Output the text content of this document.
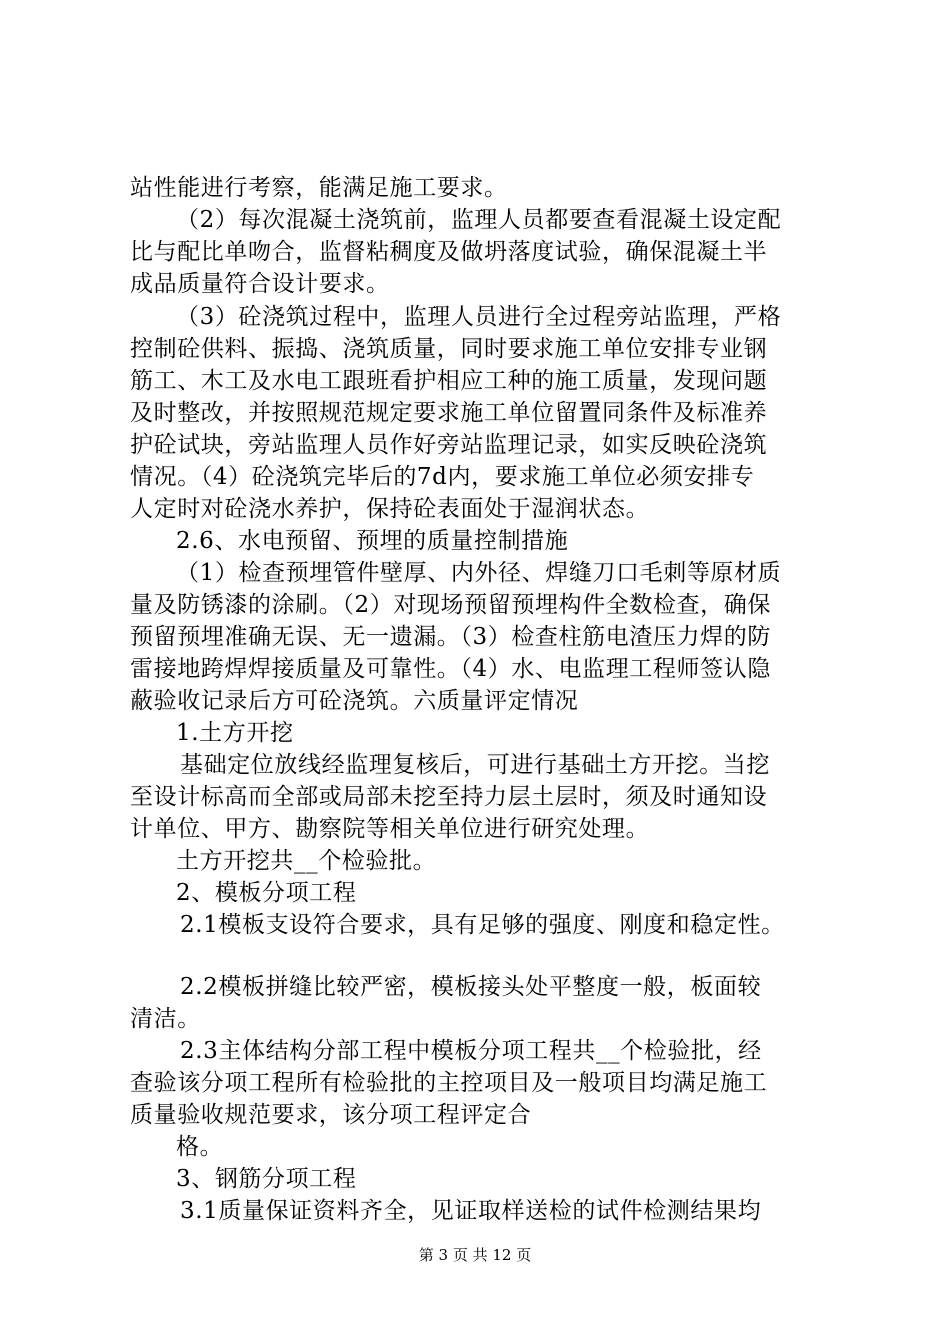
站性能进行考察，能满足施工要求。
（2）每次混凝土浇筑前，监理人员都要查看混凝土设定配
比与配比单吻合，监督粘稠度及做坍落度试验，确保混凝土半
成品质量符合设计要求。
（3）砼浇筑过程中，监理人员进行全过程旁站监理，严格
控制砼供料、振捣、浇筑质量，同时要求施工单位安排专业钢
筋工、木工及水电工跟班看护相应工种的施工质量，发现问题
及时整改，并按照规范规定要求施工单位留置同条件及标准养
护砼试块，旁站监理人员作好旁站监理记录，如实反映砼浇筑
情况。（4）砼浇筑完毕后的7d内，要求施工单位必须安排专
人定时对砼浇水养护，保持砼表面处于湿润状态。
2.6、水电预留、预埋的质量控制措施
（1）检查预埋管件壁厚、内外径、焊缝刀口毛刺等原材质
量及防锈漆的涂刷。（2）对现场预留预埋构件全数检查，确保
预留预埋准确无误、无一遗漏。（3）检查柱筋电渣压力焊的防
雷接地跨焊焊接质量及可靠性。（4）水、电监理工程师签认隐
蔽验收记录后方可砼浇筑。六质量评定情况
1.土方开挖
基础定位放线经监理复核后，可进行基础土方开挖。当挖
至设计标高而全部或局部未挖至持力层土层时，须及时通知设
计单位、甲方、勘察院等相关单位进行研究处理。
土方开挖共__个检验批。
2、模板分项工程
2.1模板支设符合要求，具有足够的强度、刚度和稳定性。
2.2模板拼缝比较严密，模板接头处平整度一般，板面较
清洁。
2.3主体结构分部工程中模板分项工程共__个检验批，经
查验该分项工程所有检验批的主控项目及一般项目均满足施工
质量验收规范要求，该分项工程评定合
格。
3、钢筋分项工程
3.1质量保证资料齐全，见证取样送检的试件检测结果均
第 3 页 共 12 页
